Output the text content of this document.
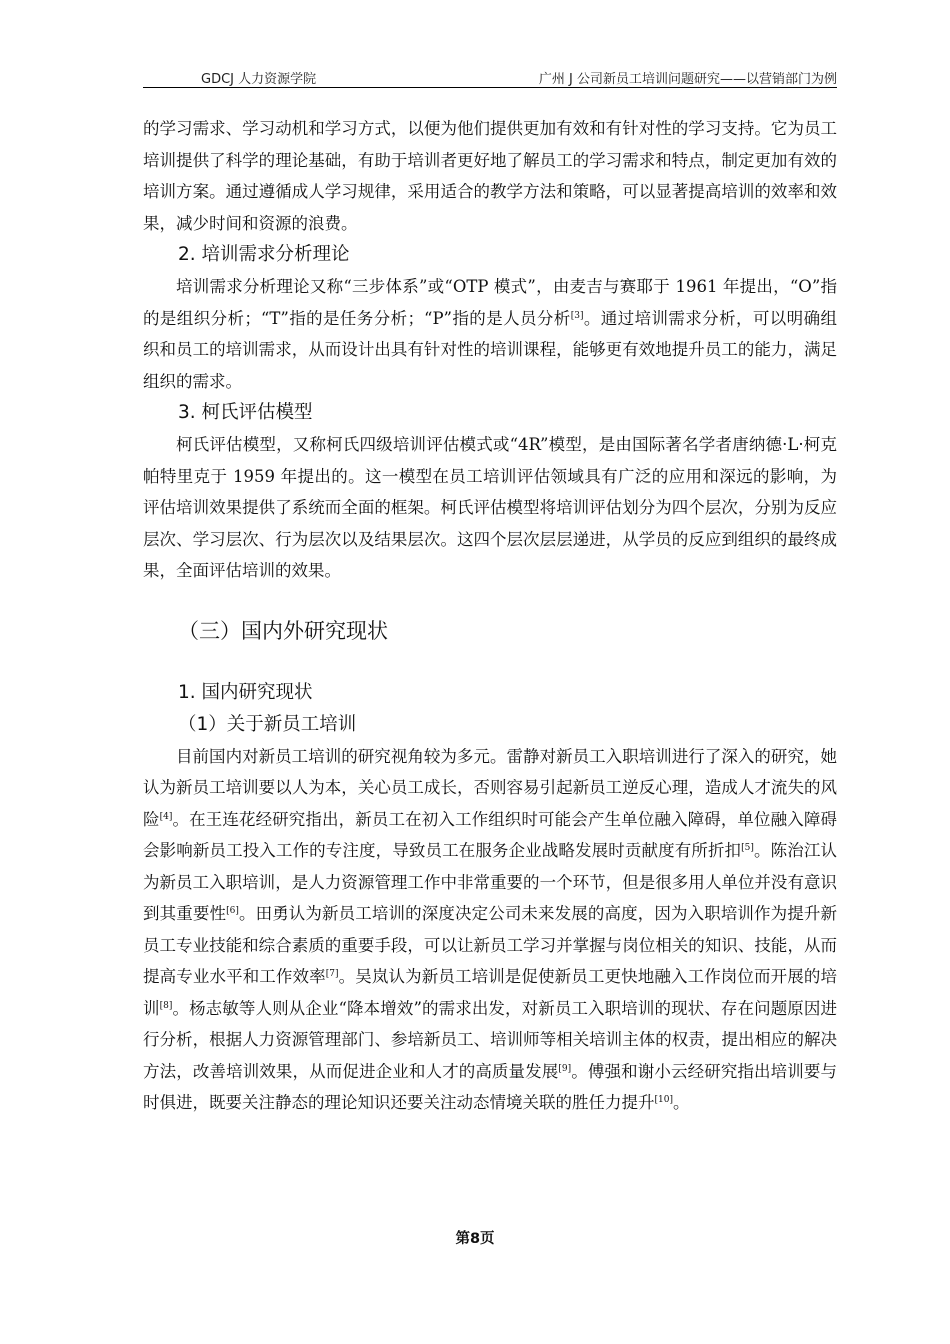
GDCJ 人力资源学院	广州 J 公司新员工培训问题研究——以营销部门为例

的学习需求、学习动机和学习方式，以便为他们提供更加有效和有针对性的学习支持。它为员工培训提供了科学的理论基础，有助于培训者更好地了解员工的学习需求和特点，制定更加有效的培训方案。通过遵循成人学习规律，采用适合的教学方法和策略，可以显著提高培训的效率和效果，减少时间和资源的浪费。

2. 培训需求分析理论

培训需求分析理论又称“三步体系”或“OTP 模式”，由麦吉与赛耶于 1961 年提出，“O”指的是组织分析；“T”指的是任务分析；“P”指的是人员分析[3]。通过培训需求分析，可以明确组织和员工的培训需求，从而设计出具有针对性的培训课程，能够更有效地提升员工的能力，满足组织的需求。

3. 柯氏评估模型

柯氏评估模型，又称柯氏四级培训评估模式或“4R”模型，是由国际著名学者唐纳德·L·柯克帕特里克于 1959 年提出的。这一模型在员工培训评估领域具有广泛的应用和深远的影响，为评估培训效果提供了系统而全面的框架。柯氏评估模型将培训评估划分为四个层次，分别为反应层次、学习层次、行为层次以及结果层次。这四个层次层层递进，从学员的反应到组织的最终成果，全面评估培训的效果。

（三）国内外研究现状
1. 国内研究现状
（1）关于新员工培训

目前国内对新员工培训的研究视角较为多元。雷静对新员工入职培训进行了深入的研究，她认为新员工培训要以人为本，关心员工成长，否则容易引起新员工逆反心理，造成人才流失的风险[4]。在王连花经研究指出，新员工在初入工作组织时可能会产生单位融入障碍，单位融入障碍会影响新员工投入工作的专注度，导致员工在服务企业战略发展时贡献度有所折扣[5]。陈治江认为新员工入职培训，是人力资源管理工作中非常重要的一个环节，但是很多用人单位并没有意识到其重要性[6]。田勇认为新员工培训的深度决定公司未来发展的高度，因为入职培训作为提升新员工专业技能和综合素质的重要手段，可以让新员工学习并掌握与岗位相关的知识、技能，从而提高专业水平和工作效率[7]。吴岚认为新员工培训是促使新员工更快地融入工作岗位而开展的培训[8]。杨志敏等人则从企业“降本增效”的需求出发，对新员工入职培训的现状、存在问题原因进行分析，根据人力资源管理部门、参培新员工、培训师等相关培训主体的权责，提出相应的解决方法，改善培训效果，从而促进企业和人才的高质量发展[9]。傅强和谢小云经研究指出培训要与时俱进，既要关注静态的理论知识还要关注动态情境关联的胜任力提升[10]。

第8页
